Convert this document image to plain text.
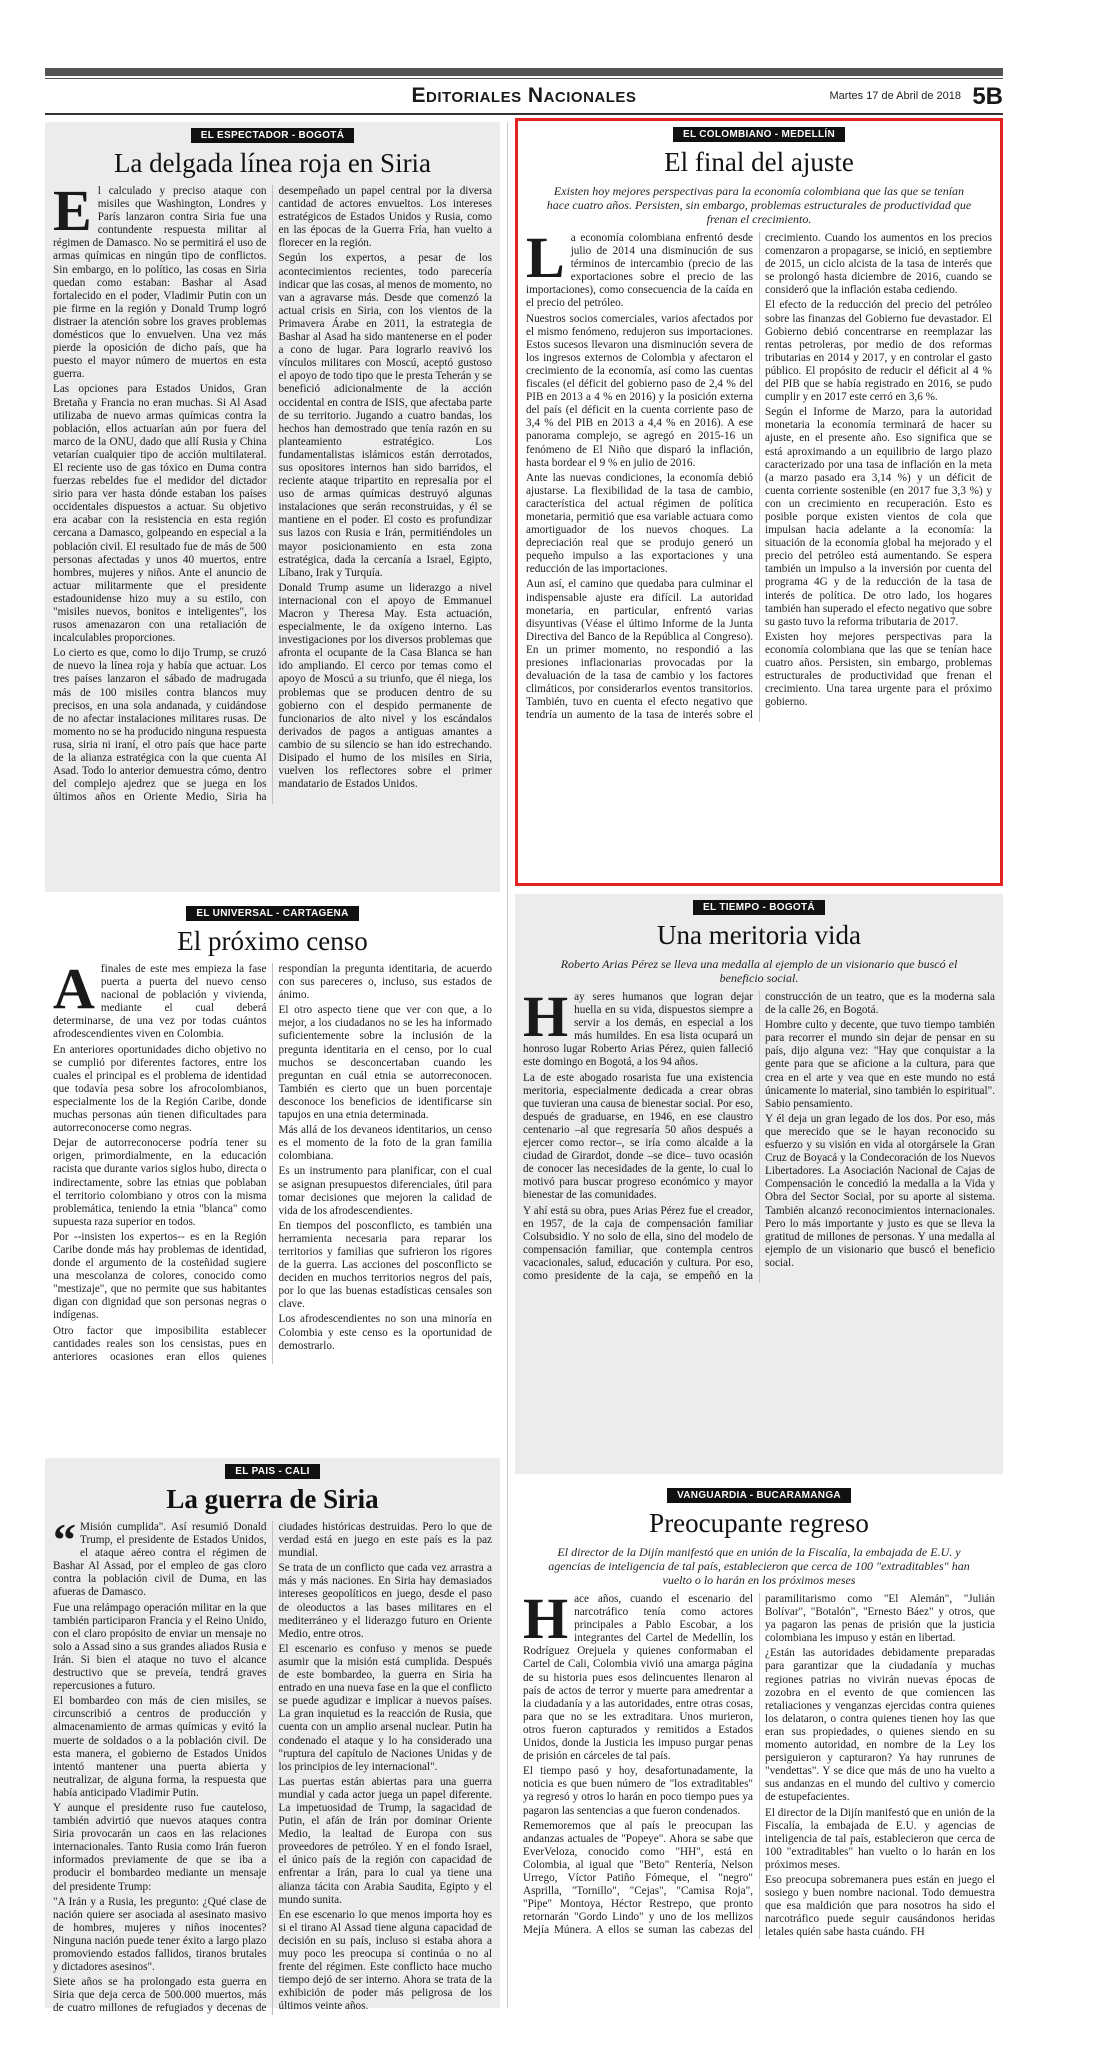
Editoriales Nacionales	Martes 17 de Abril de 2018 5B
EL ESPECTADOR - BOGOTÁ
La delgada línea roja en Siria

El calculado y preciso ataque con misiles que Washington, Londres y París lanzaron contra Siria fue una contundente respuesta militar al régimen de Damasco. No se permitirá el uso de armas químicas en ningún tipo de conflictos. Sin embargo, en lo político, las cosas en Siria quedan como estaban: Bashar al Asad fortalecido en el poder, Vladimir Putin con un pie firme en la región y Donald Trump logró distraer la atención sobre los graves problemas domésticos que lo envuelven. Una vez más pierde la oposición de dicho país, que ha puesto el mayor número de muertos en esta guerra.

Las opciones para Estados Unidos, Gran Bretaña y Francia no eran muchas. Si Al Asad utilizaba de nuevo armas químicas contra la población, ellos actuarían aún por fuera del marco de la ONU, dado que allí Rusia y China vetarían cualquier tipo de acción multilateral. El reciente uso de gas tóxico en Duma contra fuerzas rebeldes fue el medidor del dictador sirio para ver hasta dónde estaban los países occidentales dispuestos a actuar. Su objetivo era acabar con la resistencia en esta región cercana a Damasco, golpeando en especial a la población civil. El resultado fue de más de 500 personas afectadas y unos 40 muertos, entre hombres, mujeres y niños. Ante el anuncio de actuar militarmente que el presidente estadounidense hizo muy a su estilo, con "misiles nuevos, bonitos e inteligentes", los rusos amenazaron con una retaliación de incalculables proporciones.

Lo cierto es que, como lo dijo Trump, se cruzó de nuevo la línea roja y había que actuar. Los tres países lanzaron el sábado de madrugada más de 100 misiles contra blancos muy precisos, en una sola andanada, y cuidándose de no afectar instalaciones militares rusas. De momento no se ha producido ninguna respuesta rusa, siria ni iraní, el otro país que hace parte de la alianza estratégica con la que cuenta Al Asad. Todo lo anterior demuestra cómo, dentro del complejo ajedrez que se juega en los últimos años en Oriente Medio, Siria ha desempeñado un papel central por la diversa cantidad de actores envueltos. Los intereses estratégicos de Estados Unidos y Rusia, como en las épocas de la Guerra Fría, han vuelto a florecer en la región.

Según los expertos, a pesar de los acontecimientos recientes, todo parecería indicar que las cosas, al menos de momento, no van a agravarse más. Desde que comenzó la actual crisis en Siria, con los vientos de la Primavera Árabe en 2011, la estrategia de Bashar al Asad ha sido mantenerse en el poder a cono de lugar. Para lograrlo reavivó los vínculos militares con Moscú, aceptó gustoso el apoyo de todo tipo que le presta Teherán y se benefició adicionalmente de la acción occidental en contra de ISIS, que afectaba parte de su territorio. Jugando a cuatro bandas, los hechos han demostrado que tenía razón en su planteamiento estratégico. Los fundamentalistas islámicos están derrotados, sus opositores internos han sido barridos, el reciente ataque tripartito en represalia por el uso de armas químicas destruyó algunas instalaciones que serán reconstruidas, y él se mantiene en el poder. El costo es profundizar sus lazos con Rusia e Irán, permitiéndoles un mayor posicionamiento en esta zona estratégica, dada la cercanía a Israel, Egipto, Líbano, Irak y Turquía.

Donald Trump asume un liderazgo a nivel internacional con el apoyo de Emmanuel Macron y Theresa May. Esta actuación, especialmente, le da oxígeno interno. Las investigaciones por los diversos problemas que afronta el ocupante de la Casa Blanca se han ido ampliando. El cerco por temas como el apoyo de Moscú a su triunfo, que él niega, los problemas que se producen dentro de su gobierno con el despido permanente de funcionarios de alto nivel y los escándalos derivados de pagos a antiguas amantes a cambio de su silencio se han ido estrechando. Disipado el humo de los misiles en Siria, vuelven los reflectores sobre el primer mandatario de Estados Unidos.

EL COLOMBIANO - MEDELLÍN
El final del ajuste
Existen hoy mejores perspectivas para la economía colombiana que las que se tenían hace cuatro años. Persisten, sin embargo, problemas estructurales de productividad que frenan el crecimiento.

La economía colombiana enfrentó desde julio de 2014 una disminución de sus términos de intercambio (precio de las exportaciones sobre el precio de las importaciones), como consecuencia de la caída en el precio del petróleo.

Nuestros socios comerciales, varios afectados por el mismo fenómeno, redujeron sus importaciones. Estos sucesos llevaron una disminución severa de los ingresos externos de Colombia y afectaron el crecimiento de la economía, así como las cuentas fiscales (el déficit del gobierno paso de 2,4 % del PIB en 2013 a 4 % en 2016) y la posición externa del país (el déficit en la cuenta corriente paso de 3,4 % del PIB en 2013 a 4,4 % en 2016). A ese panorama complejo, se agregó en 2015-16 un fenómeno de El Niño que disparó la inflación, hasta bordear el 9 % en julio de 2016.

Ante las nuevas condiciones, la economía debió ajustarse. La flexibilidad de la tasa de cambio, característica del actual régimen de política monetaria, permitió que esa variable actuara como amortiguador de los nuevos choques. La depreciación real que se produjo generó un pequeño impulso a las exportaciones y una reducción de las importaciones.

Aun así, el camino que quedaba para culminar el indispensable ajuste era difícil. La autoridad monetaria, en particular, enfrentó varias disyuntivas (Véase el último Informe de la Junta Directiva del Banco de la República al Congreso). En un primer momento, no respondió a las presiones inflacionarias provocadas por la devaluación de la tasa de cambio y los factores climáticos, por considerarlos eventos transitorios. También, tuvo en cuenta el efecto negativo que tendría un aumento de la tasa de interés sobre el crecimiento. Cuando los aumentos en los precios comenzaron a propagarse, se inició, en septiembre de 2015, un ciclo alcista de la tasa de interés que se prolongó hasta diciembre de 2016, cuando se consideró que la inflación estaba cediendo.

El efecto de la reducción del precio del petróleo sobre las finanzas del Gobierno fue devastador. El Gobierno debió concentrarse en reemplazar las rentas petroleras, por medio de dos reformas tributarias en 2014 y 2017, y en controlar el gasto público. El propósito de reducir el déficit al 4 % del PIB que se había registrado en 2016, se pudo cumplir y en 2017 este cerró en 3,6 %.

Según el Informe de Marzo, para la autoridad monetaria la economía terminará de hacer su ajuste, en el presente año. Eso significa que se está aproximando a un equilibrio de largo plazo caracterizado por una tasa de inflación en la meta (a marzo pasado era 3,14 %) y un déficit de cuenta corriente sostenible (en 2017 fue 3,3 %) y con un crecimiento en recuperación. Esto es posible porque existen vientos de cola que impulsan hacia adelante a la economía: la situación de la economía global ha mejorado y el precio del petróleo está aumentando. Se espera también un impulso a la inversión por cuenta del programa 4G y de la reducción de la tasa de interés de política. De otro lado, los hogares también han superado el efecto negativo que sobre su gasto tuvo la reforma tributaria de 2017.

Existen hoy mejores perspectivas para la economía colombiana que las que se tenían hace cuatro años. Persisten, sin embargo, problemas estructurales de productividad que frenan el crecimiento. Una tarea urgente para el próximo gobierno.

EL UNIVERSAL - CARTAGENA
El próximo censo

A finales de este mes empieza la fase puerta a puerta del nuevo censo nacional de población y vivienda, mediante el cual deberá determinarse, de una vez por todas cuántos afrodescendientes viven en Colombia.

En anteriores oportunidades dicho objetivo no se cumplió por diferentes factores, entre los cuales el principal es el problema de identidad que todavía pesa sobre los afrocolombianos, especialmente los de la Región Caribe, donde muchas personas aún tienen dificultades para autorreconocerse como negras.

Dejar de autorreconocerse podría tener su origen, primordialmente, en la educación racista que durante varios siglos hubo, directa o indirectamente, sobre las etnias que poblaban el territorio colombiano y otros con la misma problemática, teniendo la etnia "blanca" como supuesta raza superior en todos.

Por --insisten los expertos-- es en la Región Caribe donde más hay problemas de identidad, donde el argumento de la costeñidad sugiere una mescolanza de colores, conocido como "mestizaje", que no permite que sus habitantes digan con dignidad que son personas negras o indígenas.

Otro factor que imposibilita establecer cantidades reales son los censistas, pues en anteriores ocasiones eran ellos quienes respondían la pregunta identitaria, de acuerdo con sus pareceres o, incluso, sus estados de ánimo.

El otro aspecto tiene que ver con que, a lo mejor, a los ciudadanos no se les ha informado suficientemente sobre la inclusión de la pregunta identitaria en el censo, por lo cual muchos se desconcertaban cuando les preguntan en cuál etnia se autorreconocen. También es cierto que un buen porcentaje desconoce los beneficios de identificarse sin tapujos en una etnia determinada.

Más allá de los devaneos identitarios, un censo es el momento de la foto de la gran familia colombiana.

Es un instrumento para planificar, con el cual se asignan presupuestos diferenciales, útil para tomar decisiones que mejoren la calidad de vida de los afrodescendientes.

En tiempos del posconflicto, es también una herramienta necesaria para reparar los territorios y familias que sufrieron los rigores de la guerra. Las acciones del posconflicto se deciden en muchos territorios negros del país, por lo que las buenas estadísticas censales son clave.

Los afrodescendientes no son una minoría en Colombia y este censo es la oportunidad de demostrarlo.

EL TIEMPO - BOGOTÁ
Una meritoria vida
Roberto Arias Pérez se lleva una medalla al ejemplo de un visionario que buscó el beneficio social.

Hay seres humanos que logran dejar huella en su vida, dispuestos siempre a servir a los demás, en especial a los más humildes. En esa lista ocupará un honroso lugar Roberto Arias Pérez, quien falleció este domingo en Bogotá, a los 94 años.

La de este abogado rosarista fue una existencia meritoria, especialmente dedicada a crear obras que tuvieran una causa de bienestar social. Por eso, después de graduarse, en 1946, en ese claustro centenario –al que regresaría 50 años después a ejercer como rector–, se iría como alcalde a la ciudad de Girardot, donde –se dice– tuvo ocasión de conocer las necesidades de la gente, lo cual lo motivó para buscar progreso económico y mayor bienestar de las comunidades.

Y ahí está su obra, pues Arias Pérez fue el creador, en 1957, de la caja de compensación familiar Colsubsidio. Y no solo de ella, sino del modelo de compensación familiar, que contempla centros vacacionales, salud, educación y cultura. Por eso, como presidente de la caja, se empeñó en la construcción de un teatro, que es la moderna sala de la calle 26, en Bogotá.

Hombre culto y decente, que tuvo tiempo también para recorrer el mundo sin dejar de pensar en su país, dijo alguna vez: "Hay que conquistar a la gente para que se aficione a la cultura, para que crea en el arte y vea que en este mundo no está únicamente lo material, sino también lo espiritual". Sabio pensamiento.

Y él deja un gran legado de los dos. Por eso, más que merecido que se le hayan reconocido su esfuerzo y su visión en vida al otorgársele la Gran Cruz de Boyacá y la Condecoración de los Nuevos Libertadores. La Asociación Nacional de Cajas de Compensación le concedió la medalla a la Vida y Obra del Sector Social, por su aporte al sistema. También alcanzó reconocimientos internacionales. Pero lo más importante y justo es que se lleva la gratitud de millones de personas. Y una medalla al ejemplo de un visionario que buscó el beneficio social.

EL PAIS - CALI
La guerra de Siria

“ Misión cumplida". Así resumió Donald Trump, el presidente de Estados Unidos, el ataque aéreo contra el régimen de Bashar Al Assad, por el empleo de gas cloro contra la población civil de Duma, en las afueras de Damasco.

Fue una relámpago operación militar en la que también participaron Francia y el Reino Unido, con el claro propósito de enviar un mensaje no solo a Assad sino a sus grandes aliados Rusia e Irán. Si bien el ataque no tuvo el alcance destructivo que se preveía, tendrá graves repercusiones a futuro.

El bombardeo con más de cien misiles, se circunscribió a centros de producción y almacenamiento de armas químicas y evitó la muerte de soldados o a la población civil. De esta manera, el gobierno de Estados Unidos intentó mantener una puerta abierta y neutralizar, de alguna forma, la respuesta que había anticipado Vladimir Putin.

Y aunque el presidente ruso fue cauteloso, también advirtió que nuevos ataques contra Siria provocarán un caos en las relaciones internacionales. Tanto Rusia como Irán fueron informados previamente de que se iba a producir el bombardeo mediante un mensaje del presidente Trump:

"A Irán y a Rusia, les pregunto: ¿Qué clase de nación quiere ser asociada al asesinato masivo de hombres, mujeres y niños inocentes? Ninguna nación puede tener éxito a largo plazo promoviendo estados fallidos, tiranos brutales y dictadores asesinos".

Siete años se ha prolongado esta guerra en Siria que deja cerca de 500.000 muertos, más de cuatro millones de refugiados y decenas de ciudades históricas destruidas. Pero lo que de verdad está en juego en este país es la paz mundial.

Se trata de un conflicto que cada vez arrastra a más y más naciones. En Siria hay demasiados intereses geopolíticos en juego, desde el paso de oleoductos a las bases militares en el mediterráneo y el liderazgo futuro en Oriente Medio, entre otros.

El escenario es confuso y menos se puede asumir que la misión está cumplida. Después de este bombardeo, la guerra en Siria ha entrado en una nueva fase en la que el conflicto se puede agudizar e implicar a nuevos países. La gran inquietud es la reacción de Rusia, que cuenta con un amplio arsenal nuclear. Putin ha condenado el ataque y lo ha considerado una "ruptura del capítulo de Naciones Unidas y de los principios de ley internacional".

Las puertas están abiertas para una guerra mundial y cada actor juega un papel diferente. La impetuosidad de Trump, la sagacidad de Putin, el afán de Irán por dominar Oriente Medio, la lealtad de Europa con sus proveedores de petróleo. Y en el fondo Israel, el único país de la región con capacidad de enfrentar a Irán, para lo cual ya tiene una alianza tácita con Arabia Saudita, Egipto y el mundo sunita.

En ese escenario lo que menos importa hoy es si el tirano Al Assad tiene alguna capacidad de decisión en su país, incluso si estaba ahora a muy poco les preocupa si continúa o no al frente del régimen. Este conflicto hace mucho tiempo dejó de ser interno. Ahora se trata de la exhibición de poder más peligrosa de los últimos veinte años.

VANGUARDIA - BUCARAMANGA
Preocupante regreso
El director de la Dijín manifestó que en unión de la Fiscalía, la embajada de E.U. y agencias de inteligencia de tal país, establecieron que cerca de 100 "extraditables" han vuelto o lo harán en los próximos meses

Hace años, cuando el escenario del narcotráfico tenía como actores principales a Pablo Escobar, a los integrantes del Cartel de Medellín, los Rodríguez Orejuela y quienes conformaban el Cartel de Cali, Colombia vivió una amarga página de su historia pues esos delincuentes llenaron al país de actos de terror y muerte para amedrentar a la ciudadanía y a las autoridades, entre otras cosas, para que no se les extraditara. Unos murieron, otros fueron capturados y remitidos a Estados Unidos, donde la Justicia les impuso purgar penas de prisión en cárceles de tal país.

El tiempo pasó y hoy, desafortunadamente, la noticia es que buen número de "los extraditables" ya regresó y otros lo harán en poco tiempo pues ya pagaron las sentencias a que fueron condenados.

Rememoremos que al país le preocupan las andanzas actuales de "Popeye". Ahora se sabe que EverVeloza, conocido como "HH", está en Colombia, al igual que "Beto" Rentería, Nelson Urrego, Víctor Patiño Fómeque, el "negro" Asprilla, "Tornillo", "Cejas", "Camisa Roja", "Pipe" Montoya, Héctor Restrepo, que pronto retornarán "Gordo Lindo" y uno de los mellizos Mejía Múnera. A ellos se suman las cabezas del paramilitarismo como "El Alemán", "Julián Bolívar", "Botalón", "Ernesto Báez" y otros, que ya pagaron las penas de prisión que la justicia colombiana les impuso y están en libertad.

¿Están las autoridades debidamente preparadas para garantizar que la ciudadanía y muchas regiones patrias no vivirán nuevas épocas de zozobra en el evento de que comiencen las retaliaciones y venganzas ejercidas contra quienes los delataron, o contra quienes tienen hoy las que eran sus propiedades, o quienes siendo en su momento autoridad, en nombre de la Ley los persiguieron y capturaron? Ya hay runrunes de "vendettas". Y se dice que más de uno ha vuelto a sus andanzas en el mundo del cultivo y comercio de estupefacientes.

El director de la Dijín manifestó que en unión de la Fiscalía, la embajada de E.U. y agencias de inteligencia de tal país, establecieron que cerca de 100 "extraditables" han vuelto o lo harán en los próximos meses.

Eso preocupa sobremanera pues están en juego el sosiego y buen nombre nacional. Todo demuestra que esa maldición que para nosotros ha sido el narcotráfico puede seguir causándonos heridas letales quién sabe hasta cuándo. FH
